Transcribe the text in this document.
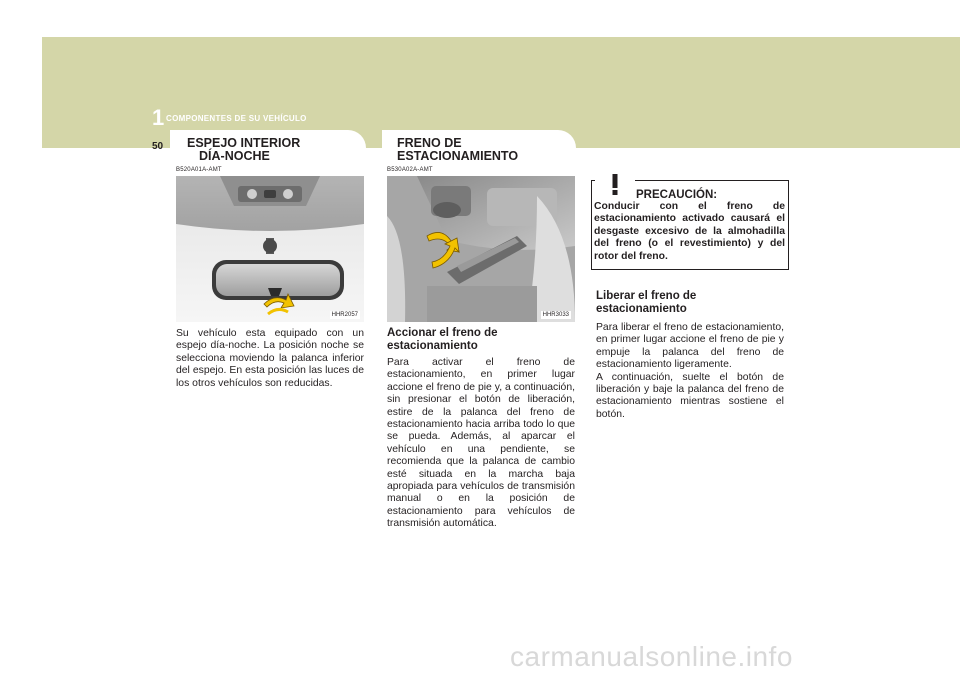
1 COMPONENTES DE SU VEHÍCULO
50 ESPEJO INTERIOR
DÍA-NOCHE
B520A01A-AMT
HHR2057
Su vehículo esta equipado con un espejo día-noche. La posición noche se selecciona moviendo la palanca inferior del espejo. En esta posición las luces de los otros vehículos son reducidas.
FRENO DE
ESTACIONAMIENTO
B530A02A-AMT
HHR3033
Accionar el freno de
estacionamiento
Para activar el freno de estacionamiento, en primer lugar accione el freno de pie y, a continuación, sin presionar el botón de liberación, estire de la palanca del freno de estacionamiento hacia arriba todo lo que se pueda. Además, al aparcar el vehículo en una pendiente, se recomienda que la palanca de cambio esté situada en la marcha baja apropiada para vehículos de transmisión manual o en la posición de estacionamiento para vehículos de transmisión automática.
PRECAUCIÓN:
Conducir con el freno de estacionamiento activado causará el desgaste excesivo de la almohadilla del freno (o el revestimiento) y del rotor del freno.
Liberar el freno de
estacionamiento
Para liberar el freno de estacionamiento, en primer lugar accione el freno de pie y empuje la palanca del freno de estacionamiento ligeramente.
A continuación, suelte el botón de liberación y baje la palanca del freno de estacionamiento mientras sostiene el botón.
carmanualsonline.info
